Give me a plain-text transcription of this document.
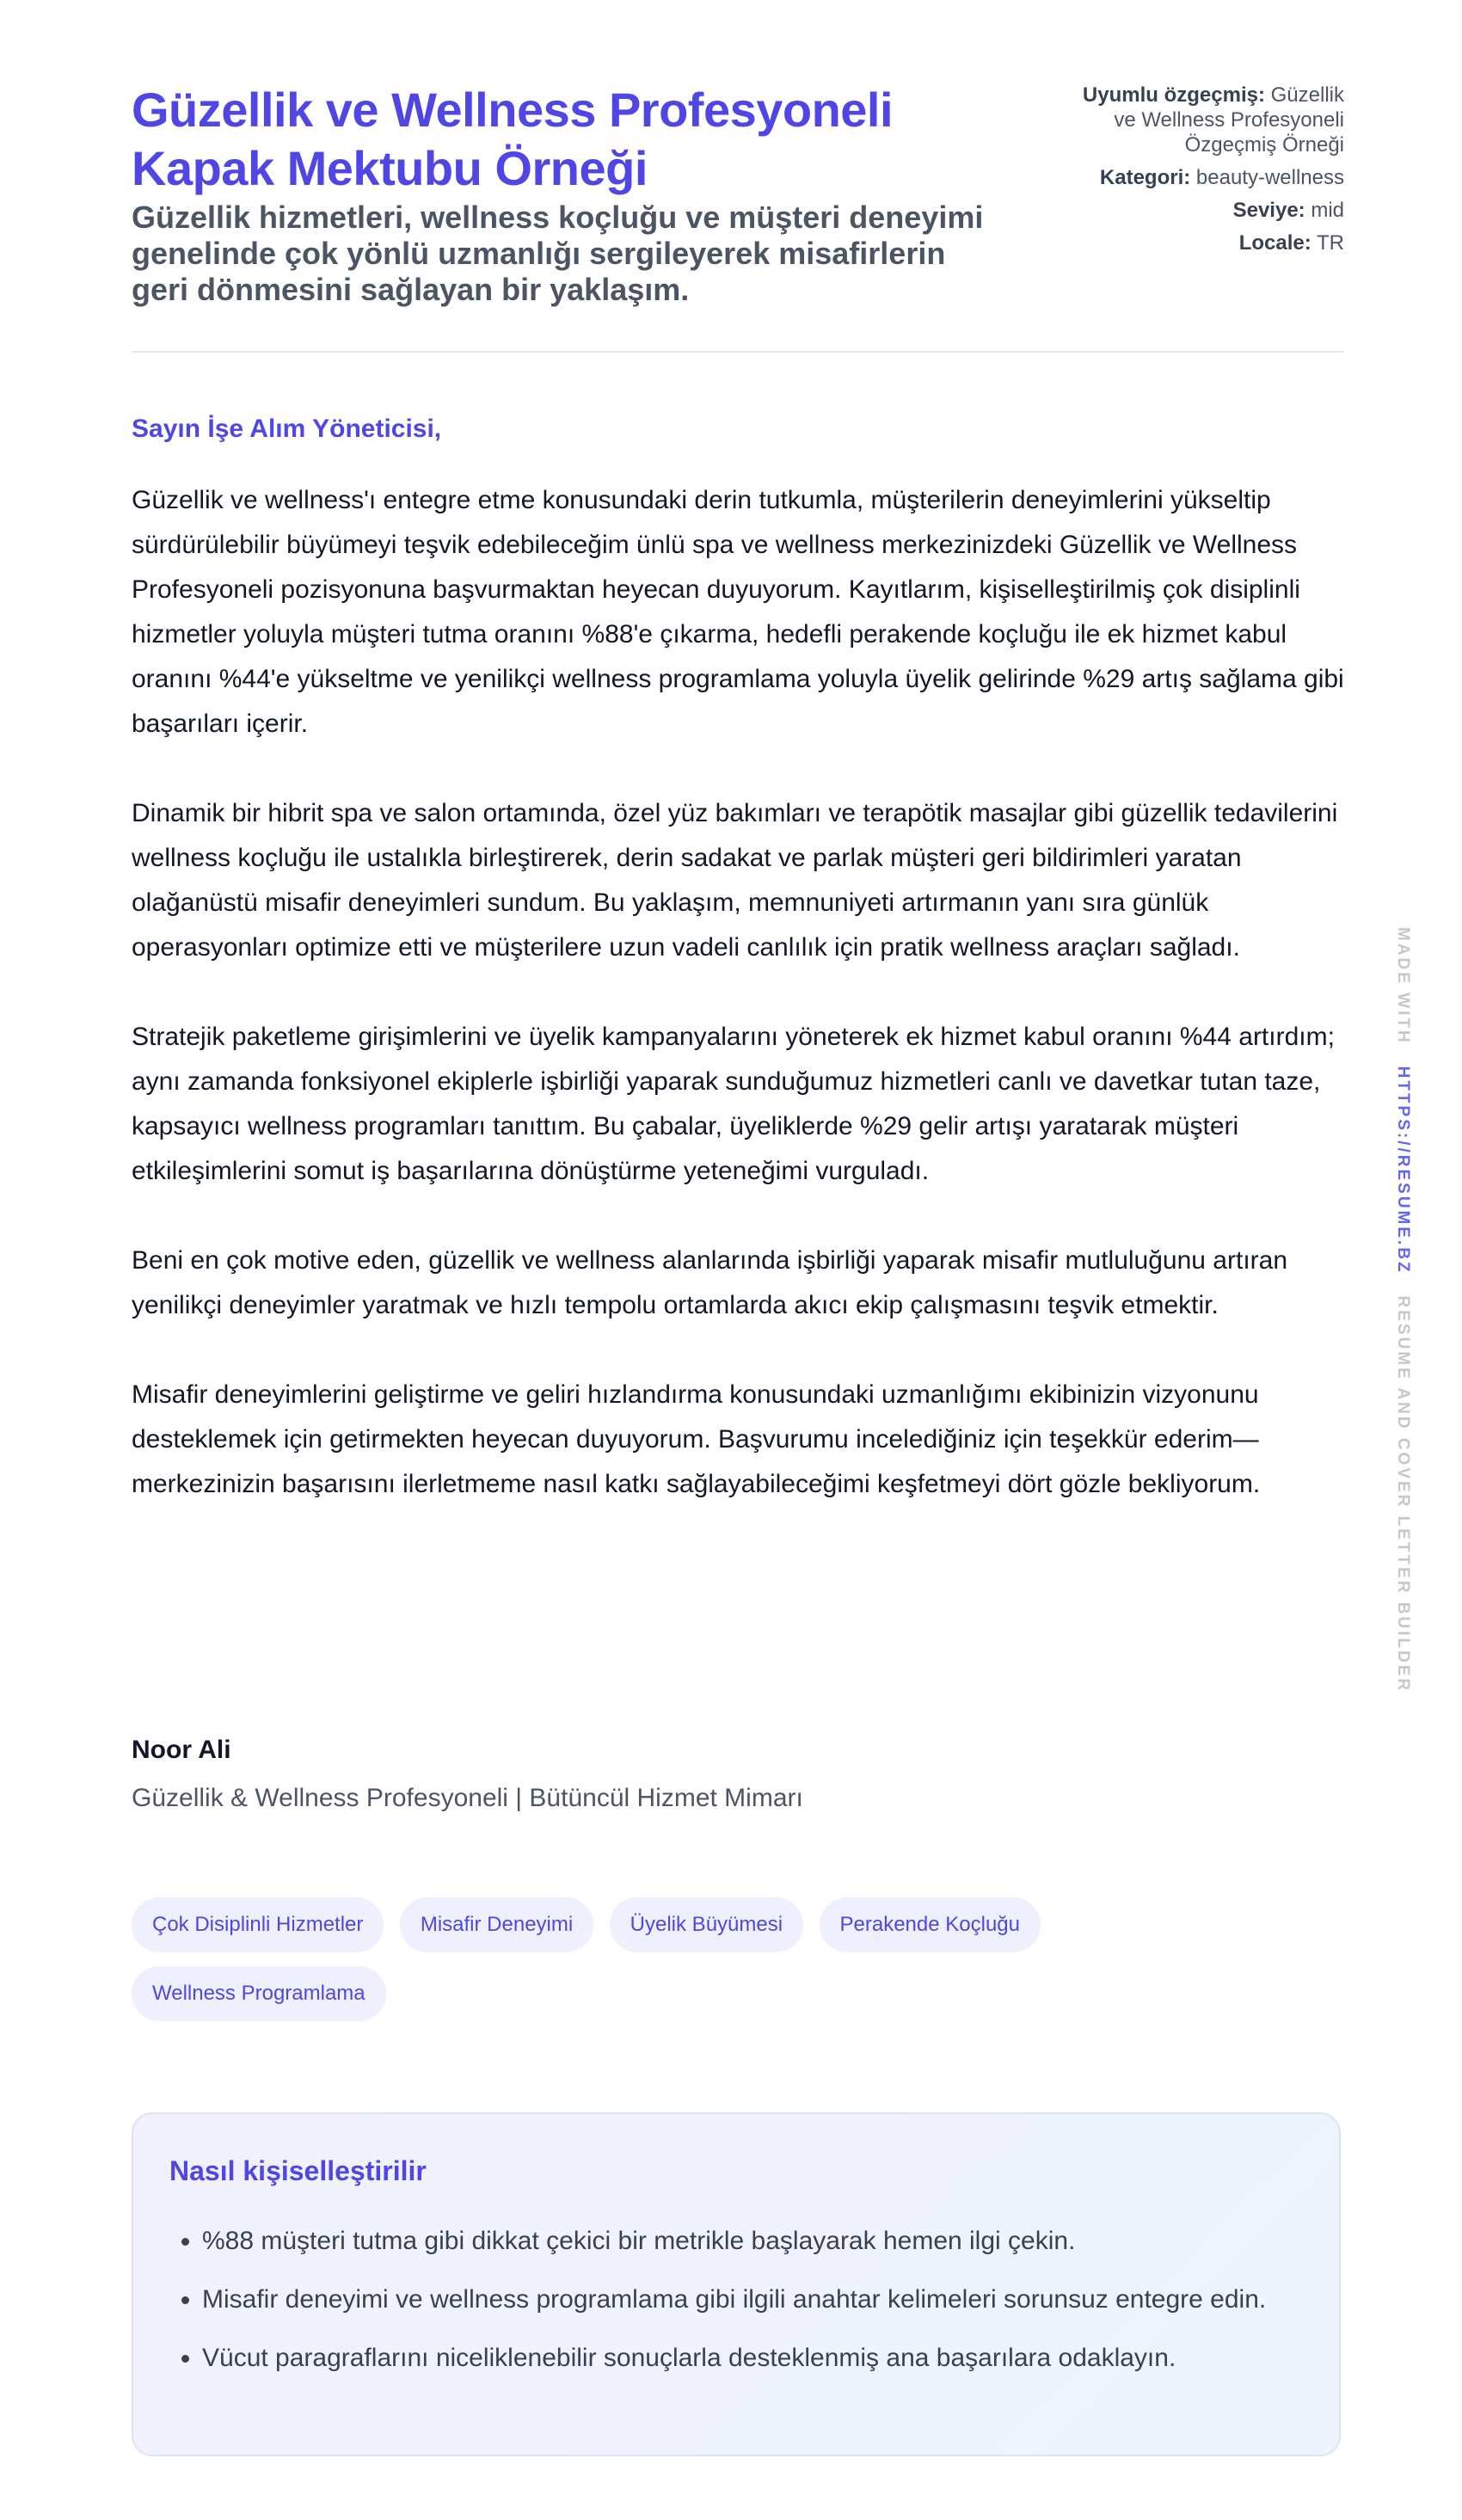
Güzellik ve Wellness Profesyoneli Kapak Mektubu Örneği
Güzellik hizmetleri, wellness koçluğu ve müşteri deneyimi genelinde çok yönlü uzmanlığı sergileyerek misafirlerin geri dönmesini sağlayan bir yaklaşım.
Uyumlu özgeçmiş: Güzellik ve Wellness Profesyoneli Özgeçmiş Örneği
Kategori: beauty-wellness
Seviye: mid
Locale: TR
Sayın İşe Alım Yöneticisi,

Güzellik ve wellness'ı entegre etme konusundaki derin tutkumla, müşterilerin deneyimlerini yükseltip sürdürülebilir büyümeyi teşvik edebileceğim ünlü spa ve wellness merkezinizdeki Güzellik ve Wellness Profesyoneli pozisyonuna başvurmaktan heyecan duyuyorum. Kayıtlarım, kişiselleştirilmiş çok disiplinli hizmetler yoluyla müşteri tutma oranını %88'e çıkarma, hedefli perakende koçluğu ile ek hizmet kabul oranını %44'e yükseltme ve yenilikçi wellness programlama yoluyla üyelik gelirinde %29 artış sağlama gibi başarıları içerir.

Dinamik bir hibrit spa ve salon ortamında, özel yüz bakımları ve terapötik masajlar gibi güzellik tedavilerini wellness koçluğu ile ustalıkla birleştirerek, derin sadakat ve parlak müşteri geri bildirimleri yaratan olağanüstü misafir deneyimleri sundum. Bu yaklaşım, memnuniyeti artırmanın yanı sıra günlük operasyonları optimize etti ve müşterilere uzun vadeli canlılık için pratik wellness araçları sağladı.

Stratejik paketleme girişimlerini ve üyelik kampanyalarını yöneterek ek hizmet kabul oranını %44 artırdım; aynı zamanda fonksiyonel ekiplerle işbirliği yaparak sunduğumuz hizmetleri canlı ve davetkar tutan taze, kapsayıcı wellness programları tanıttım. Bu çabalar, üyeliklerde %29 gelir artışı yaratarak müşteri etkileşimlerini somut iş başarılarına dönüştürme yeteneğimi vurguladı.

Beni en çok motive eden, güzellik ve wellness alanlarında işbirliği yaparak misafir mutluluğunu artıran yenilikçi deneyimler yaratmak ve hızlı tempolu ortamlarda akıcı ekip çalışmasını teşvik etmektir.

Misafir deneyimlerini geliştirme ve geliri hızlandırma konusundaki uzmanlığımı ekibinizin vizyonunu desteklemek için getirmekten heyecan duyuyorum. Başvurumu incelediğiniz için teşekkür ederim—merkezinizin başarısını ilerletmeme nasıl katkı sağlayabileceğimi keşfetmeyi dört gözle bekliyorum.

Noor Ali

Güzellik & Wellness Profesyoneli | Bütüncül Hizmet Mimarı

Çok Disiplinli Hizmetler	Misafir Deneyimi	Üyelik Büyümesi	Perakende Koçluğu Wellness Programlama
Nasıl kişiselleştirilir
• %88 müşteri tutma gibi dikkat çekici bir metrikle başlayarak hemen ilgi çekin.
• Misafir deneyimi ve wellness programlama gibi ilgili anahtar kelimeleri sorunsuz entegre edin.
• Vücut paragraflarını niceliklenebilir sonuçlarla desteklenmiş ana başarılara odaklayın.
MADE WITH   HTTPS://RESUME.BZ   RESUME AND COVER LETTER BUILDER
